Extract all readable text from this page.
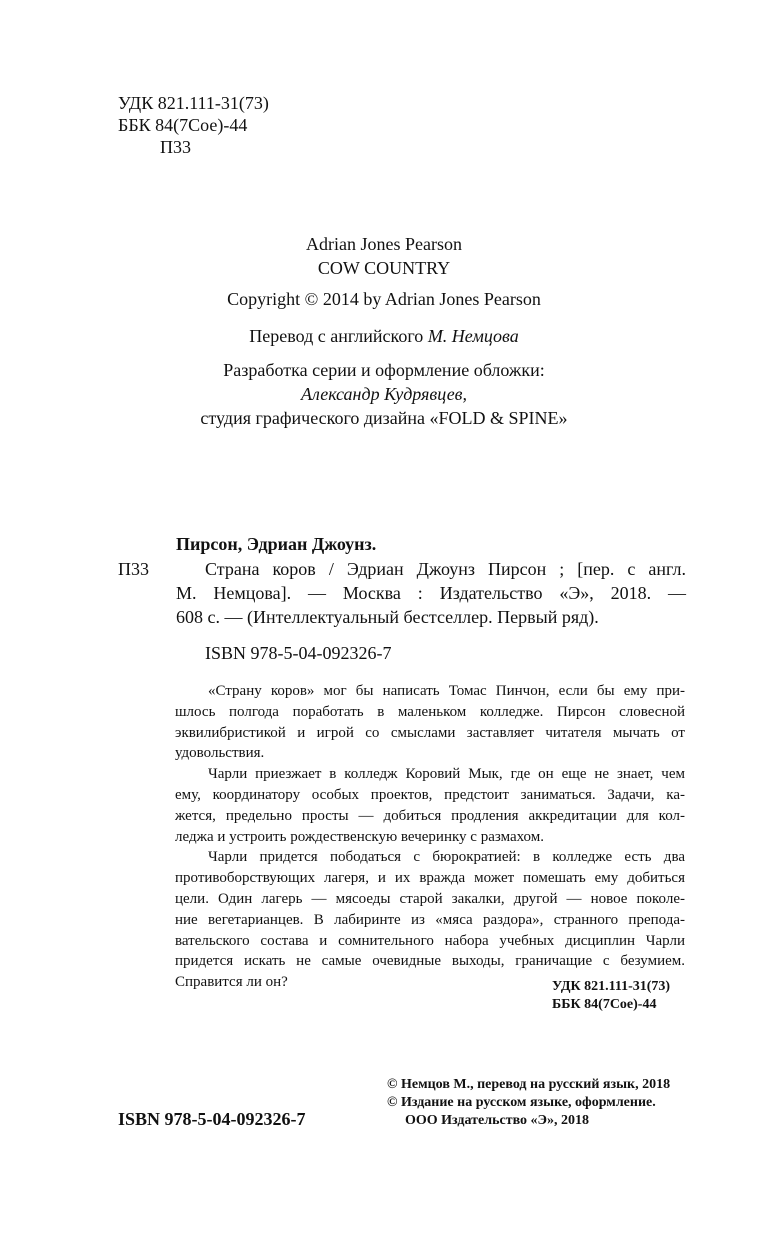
УДК 821.111-31(73)
ББК 84(7Сое)-44
П33
Adrian Jones Pearson
COW COUNTRY
Copyright © 2014 by Adrian Jones Pearson
Перевод с английского М. Немцова
Разработка серии и оформление обложки:
Александр Кудрявцев,
студия графического дизайна «FOLD & SPINE»
Пирсон, Эдриан Джоунз.
П33	Страна коров / Эдриан Джоунз Пирсон ; [пер. с англ.
М. Немцова]. — Москва : Издательство «Э», 2018. —
608 с. — (Интеллектуальный бестселлер. Первый ряд).
ISBN 978-5-04-092326-7

«Страну коров» мог бы написать Томас Пинчон, если бы ему при-
шлось полгода поработать в маленьком колледже. Пирсон словесной
эквилибристикой и игрой со смыслами заставляет читателя мычать от
удовольствия.

Чарли приезжает в колледж Коровий Мык, где он еще не знает, чем
ему, координатору особых проектов, предстоит заниматься. Задачи, ка-
жется, предельно просты — добиться продления аккредитации для кол-
леджа и устроить рождественскую вечеринку с размахом.

Чарли придется пободаться с бюрократией: в колледже есть два
противоборствующих лагеря, и их вражда может помешать ему добиться
цели. Один лагерь — мясоеды старой закалки, другой — новое поколе-
ние вегетарианцев. В лабиринте из «мяса раздора», странного препода-
вательского состава и сомнительного набора учебных дисциплин Чарли
придется искать не самые очевидные выходы, граничащие с безумием.
Справится ли он?	УДК 821.111-31(73)
ББК 84(7Сое)-44
ISBN 978-5-04-092326-7
© Немцов М., перевод на русский язык, 2018
© Издание на русском языке, оформление.
ООО Издательство «Э», 2018
